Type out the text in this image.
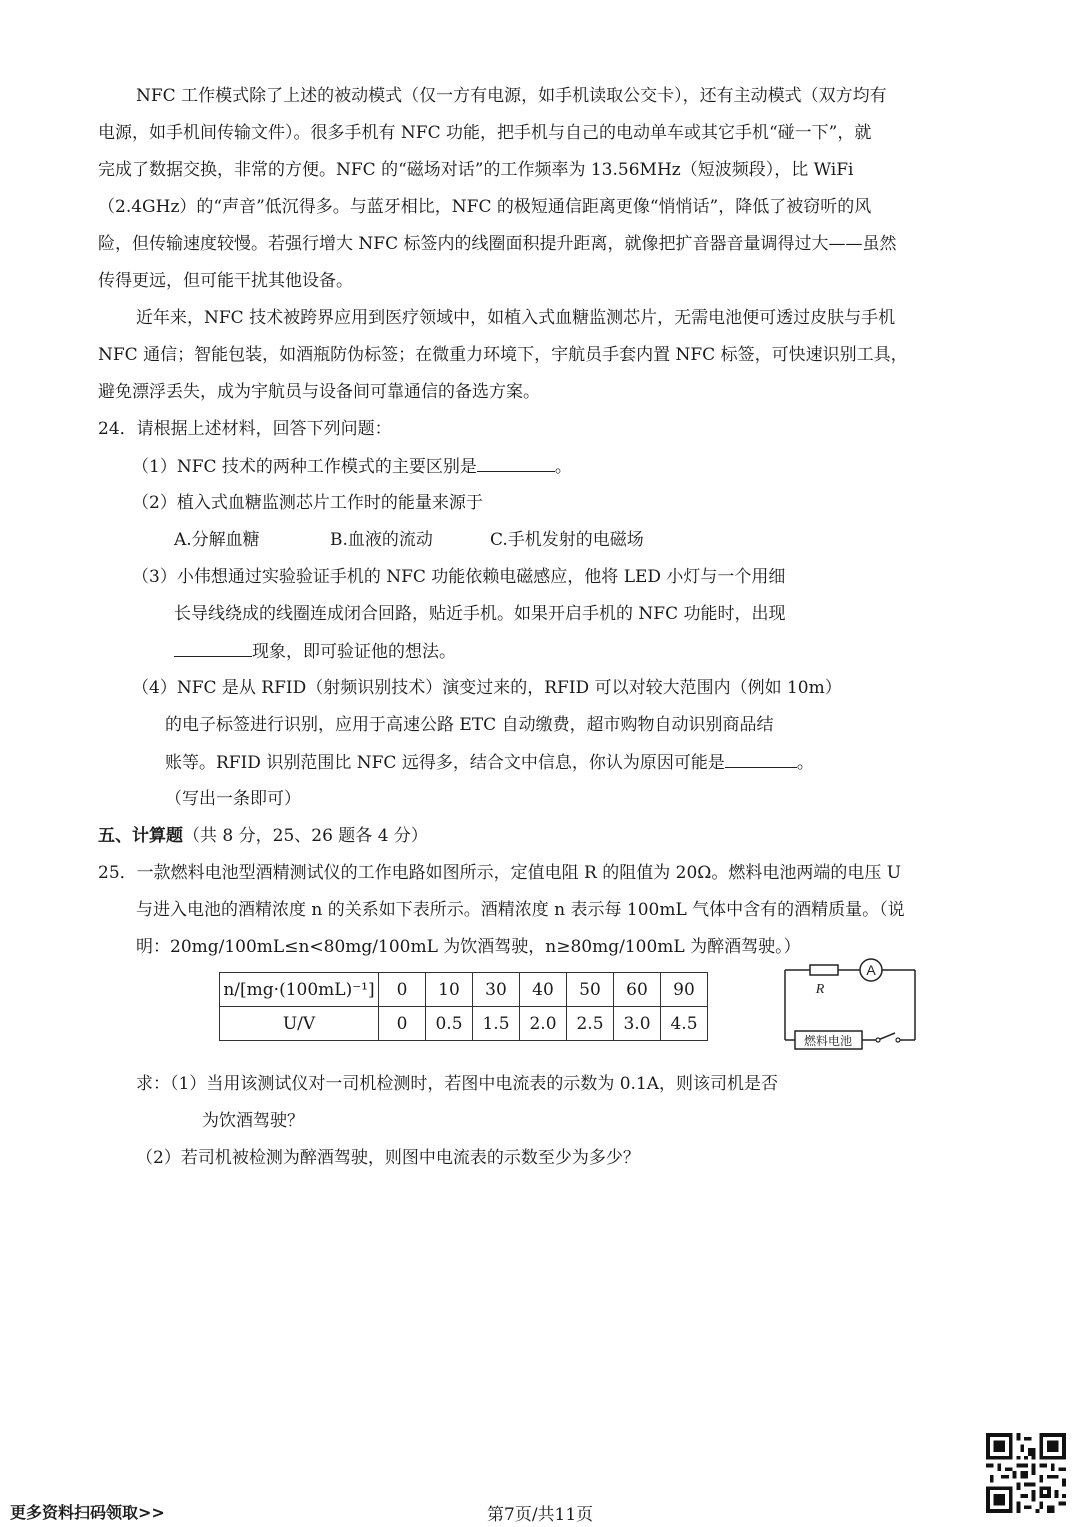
NFC 工作模式除了上述的被动模式（仅一方有电源，如手机读取公交卡），还有主动模式（双方均有
电源，如手机间传输文件）。很多手机有 NFC 功能，把手机与自己的电动单车或其它手机“碰一下”，就
完成了数据交换，非常的方便。NFC 的“磁场对话”的工作频率为 13.56MHz（短波频段），比 WiFi
（2.4GHz）的“声音”低沉得多。与蓝牙相比，NFC 的极短通信距离更像“悄悄话”，降低了被窃听的风
险，但传输速度较慢。若强行增大 NFC 标签内的线圈面积提升距离，就像把扩音器音量调得过大——虽然
传得更远，但可能干扰其他设备。
近年来，NFC 技术被跨界应用到医疗领域中，如植入式血糖监测芯片，无需电池便可透过皮肤与手机
NFC 通信；智能包装，如酒瓶防伪标签；在微重力环境下，宇航员手套内置 NFC 标签，可快速识别工具，
避免漂浮丢失，成为宇航员与设备间可靠通信的备选方案。
24．请根据上述材料，回答下列问题：
（1）NFC 技术的两种工作模式的主要区别是	。
（2）植入式血糖监测芯片工作时的能量来源于
A.分解血糖	B.血液的流动	C.手机发射的电磁场
（3）小伟想通过实验验证手机的 NFC 功能依赖电磁感应，他将 LED 小灯与一个用细
长导线绕成的线圈连成闭合回路，贴近手机。如果开启手机的 NFC 功能时，出现
现象，即可验证他的想法。
（4）NFC 是从 RFID（射频识别技术）演变过来的，RFID 可以对较大范围内（例如 10m）
的电子标签进行识别，应用于高速公路 ETC 自动缴费，超市购物自动识别商品结
账等。RFID 识别范围比 NFC 远得多，结合文中信息，你认为原因可能是	。
（写出一条即可）
五、计算题（共 8 分，25、26 题各 4 分）
25．一款燃料电池型酒精测试仪的工作电路如图所示，定值电阻 R 的阻值为 20Ω。燃料电池两端的电压 U
与进入电池的酒精浓度 n 的关系如下表所示。酒精浓度 n 表示每 100mL 气体中含有的酒精质量。（说
明：20mg/100mL≤n<80mg/100mL 为饮酒驾驶，n≥80mg/100mL 为醉酒驾驶。）
n/[mg·(100mL)⁻¹]	0	10	30	40	50	60	90
U/V	0	0.5	1.5	2.0	2.5	3.0	4.5
A
R
燃料电池
求：（1）当用该测试仪对一司机检测时，若图中电流表的示数为 0.1A，则该司机是否
为饮酒驾驶？
（2）若司机被检测为醉酒驾驶，则图中电流表的示数至少为多少？
更多资料扫码领取>>	第7页/共11页
